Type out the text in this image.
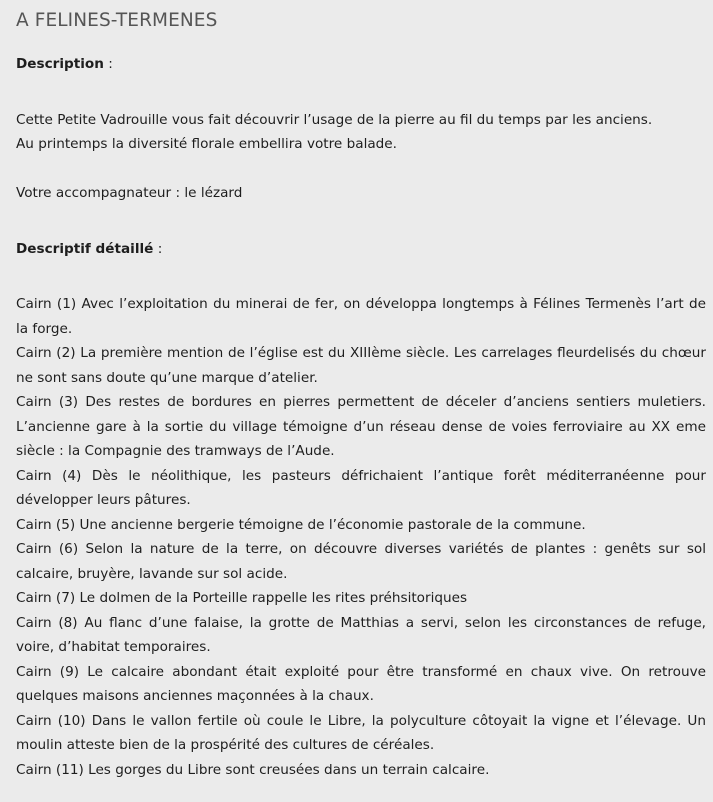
A FELINES-TERMENES

Description :

Cette Petite Vadrouille vous fait découvrir l’usage de la pierre au fil du temps par les anciens.

Au printemps la diversité florale embellira votre balade.

Votre accompagnateur : le lézard

Descriptif détaillé :

Cairn (1) Avec l’exploitation du minerai de fer, on développa longtemps à Félines Termenès l’art de la forge.

Cairn (2) La première mention de l’église est du XIIIème siècle. Les carrelages fleurdelisés du chœur ne sont sans doute qu’une marque d’atelier.

Cairn (3) Des restes de bordures en pierres permettent de déceler d’anciens sentiers muletiers. L’ancienne gare à la sortie du village témoigne d’un réseau dense de voies ferroviaire au XX eme siècle : la Compagnie des tramways de l’Aude.

Cairn (4) Dès le néolithique, les pasteurs défrichaient l’antique forêt méditerranéenne pour développer leurs pâtures.

Cairn (5) Une ancienne bergerie témoigne de l’économie pastorale de la commune.

Cairn (6) Selon la nature de la terre, on découvre diverses variétés de plantes : genêts sur sol calcaire, bruyère, lavande sur sol acide.

Cairn (7) Le dolmen de la Porteille rappelle les rites préhsitoriques

Cairn (8) Au flanc d’une falaise, la grotte de Matthias a servi, selon les circonstances de refuge, voire, d’habitat temporaires.

Cairn (9) Le calcaire abondant était exploité pour être transformé en chaux vive. On retrouve quelques maisons anciennes maçonnées à la chaux.

Cairn (10) Dans le vallon fertile où coule le Libre, la polyculture côtoyait la vigne et l’élevage. Un moulin atteste bien de la prospérité des cultures de céréales.

Cairn (11) Les gorges du Libre sont creusées dans un terrain calcaire.
